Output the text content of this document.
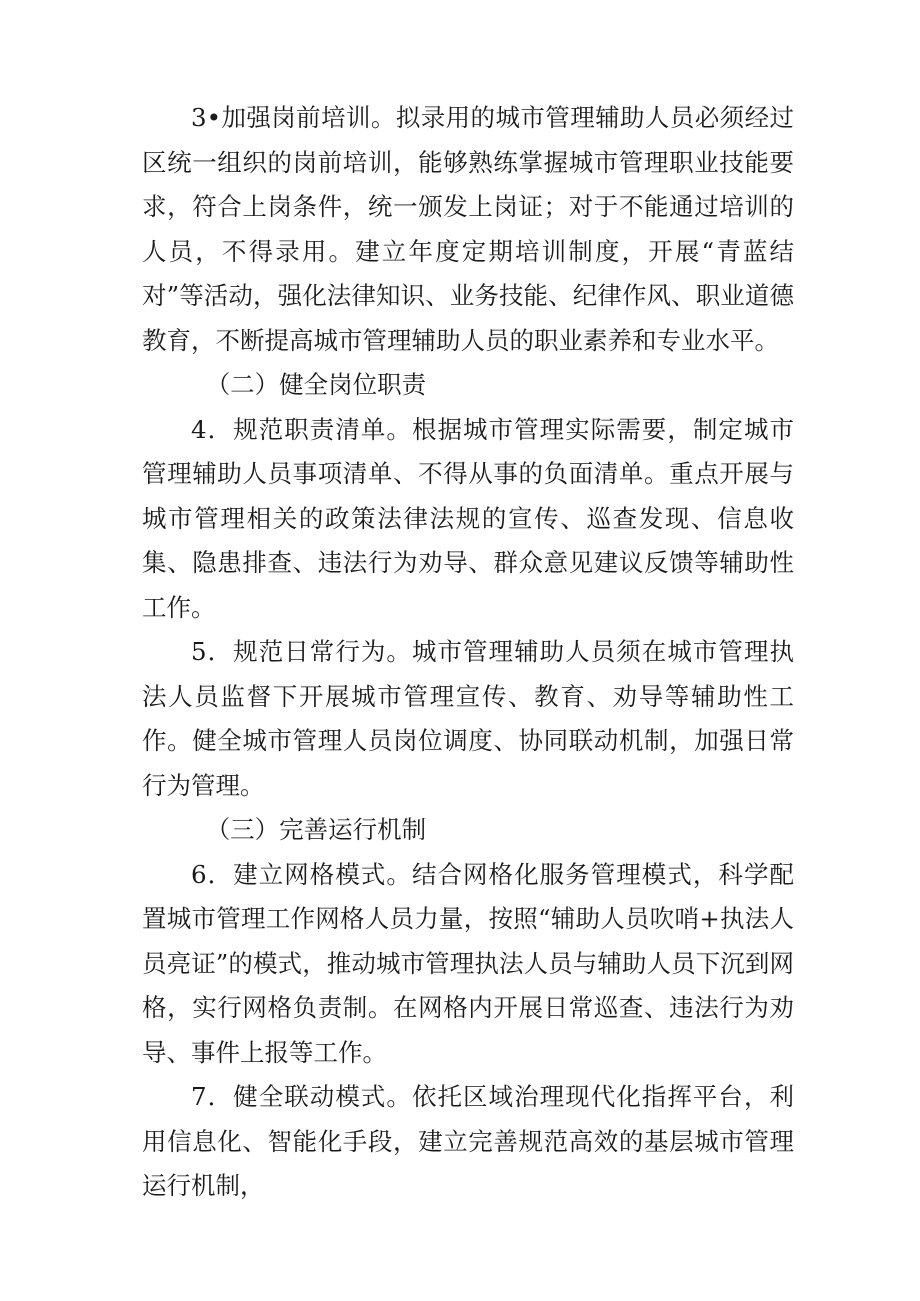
3•加强岗前培训。拟录用的城市管理辅助人员必须经过区统一组织的岗前培训，能够熟练掌握城市管理职业技能要求，符合上岗条件，统一颁发上岗证；对于不能通过培训的人员，不得录用。建立年度定期培训制度，开展“青蓝结对”等活动，强化法律知识、业务技能、纪律作风、职业道德教育，不断提高城市管理辅助人员的职业素养和专业水平。

（二）健全岗位职责

4．规范职责清单。根据城市管理实际需要，制定城市管理辅助人员事项清单、不得从事的负面清单。重点开展与城市管理相关的政策法律法规的宣传、巡查发现、信息收集、隐患排查、违法行为劝导、群众意见建议反馈等辅助性工作。

5．规范日常行为。城市管理辅助人员须在城市管理执法人员监督下开展城市管理宣传、教育、劝导等辅助性工作。健全城市管理人员岗位调度、协同联动机制，加强日常行为管理。

（三）完善运行机制

6．建立网格模式。结合网格化服务管理模式，科学配置城市管理工作网格人员力量，按照“辅助人员吹哨+执法人员亮证”的模式，推动城市管理执法人员与辅助人员下沉到网格，实行网格负责制。在网格内开展日常巡查、违法行为劝导、事件上报等工作。

7．健全联动模式。依托区域治理现代化指挥平台，利用信息化、智能化手段，建立完善规范高效的基层城市管理运行机制，
